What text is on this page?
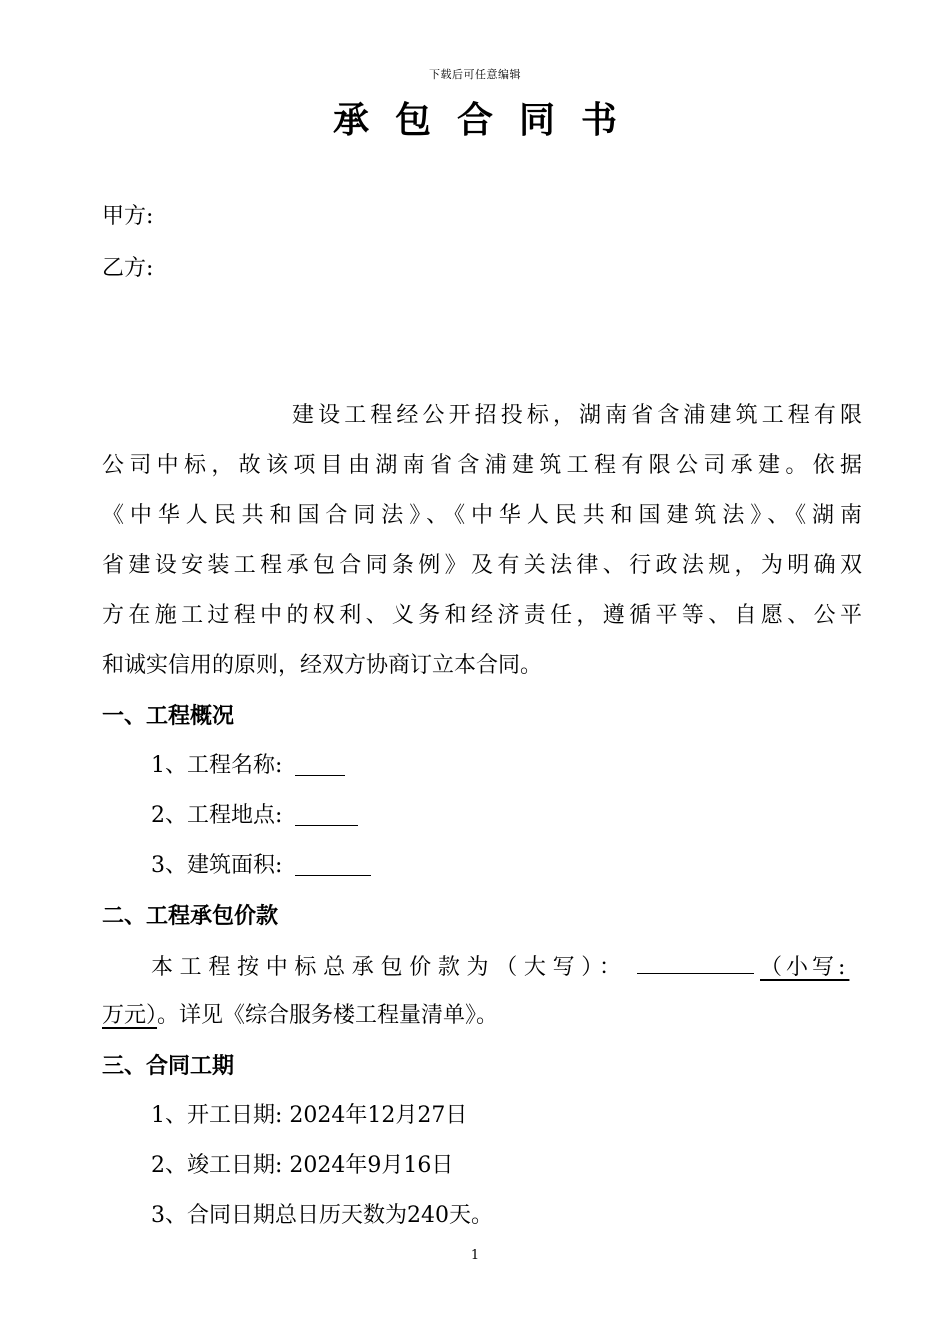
下载后可任意编辑
承包合同书
甲方:
乙方:
建设工程经公开招投标，湖南省含浦建筑工程有限
公司中标，故该项目由湖南省含浦建筑工程有限公司承建。依据
《中华人民共和国合同法》、《中华人民共和国建筑法》、《湖南
省建设安装工程承包合同条例》及有关法律、行政法规，为明确双
方在施工过程中的权利、义务和经济责任，遵循平等、自愿、公平
和诚实信用的原则，经双方协商订立本合同。
一、工程概况
1、工程名称:
2、工程地点:
3、建筑面积:
二、工程承包价款
本工程按中标总承包价款为（大写）：	（小写:
万元）。详见《综合服务楼工程量清单》。
三、合同工期
1、开工日期: 2024年12月27日
2、竣工日期: 2024年9月16日
3、合同日期总日历天数为240天。
1
